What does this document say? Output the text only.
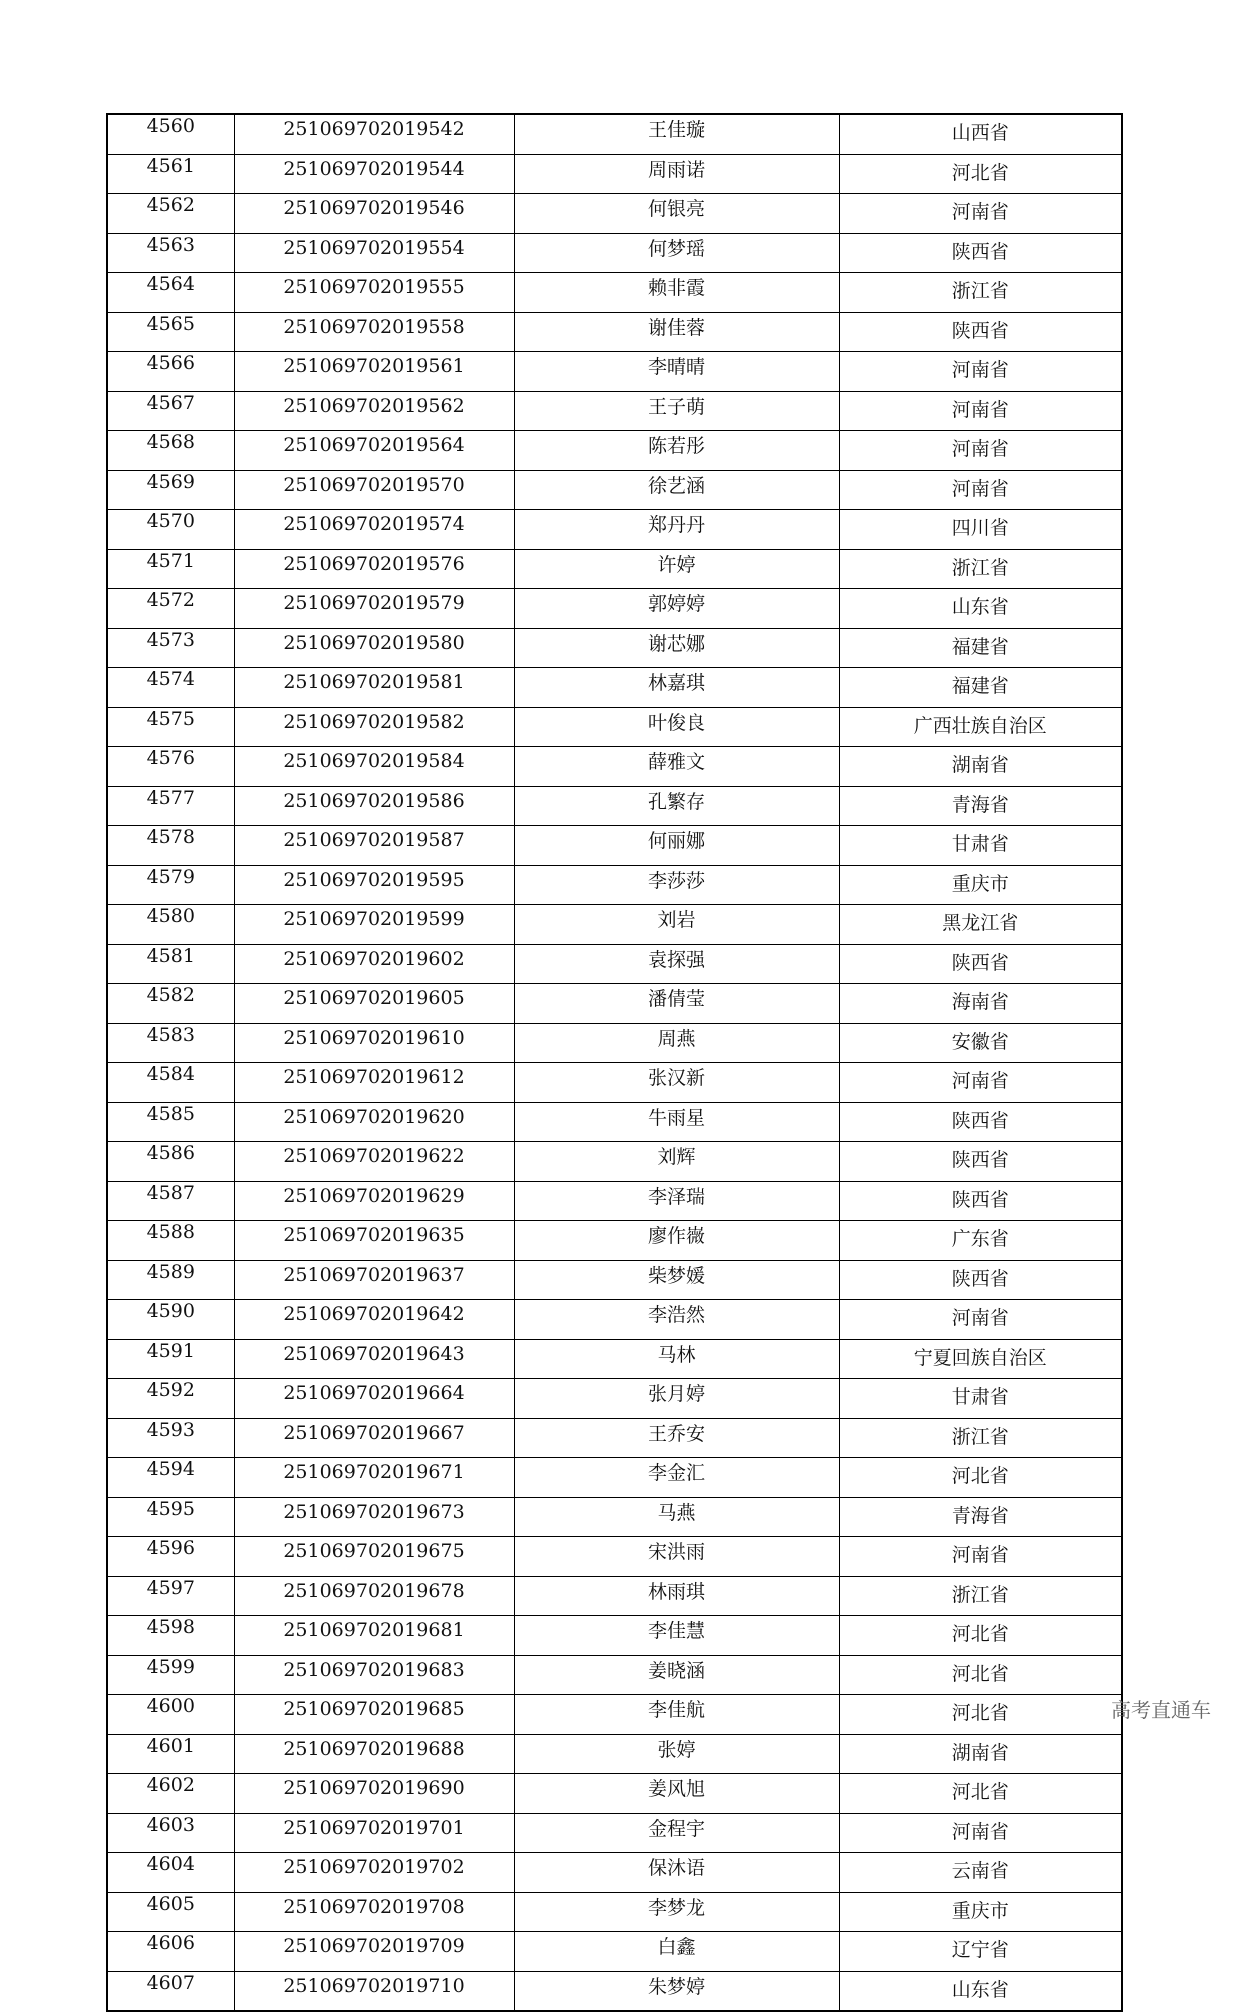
4560	251069702019542	王佳璇	山西省
4561	251069702019544	周雨诺	河北省
4562	251069702019546	何银亮	河南省
4563	251069702019554	何梦瑶	陕西省
4564	251069702019555	赖非霞	浙江省
4565	251069702019558	谢佳蓉	陕西省
4566	251069702019561	李晴晴	河南省
4567	251069702019562	王子萌	河南省
4568	251069702019564	陈若彤	河南省
4569	251069702019570	徐艺涵	河南省
4570	251069702019574	郑丹丹	四川省
4571	251069702019576	许婷	浙江省
4572	251069702019579	郭婷婷	山东省
4573	251069702019580	谢芯娜	福建省
4574	251069702019581	林嘉琪	福建省
4575	251069702019582	叶俊良	广西壮族自治区
4576	251069702019584	薛雅文	湖南省
4577	251069702019586	孔繁存	青海省
4578	251069702019587	何丽娜	甘肃省
4579	251069702019595	李莎莎	重庆市
4580	251069702019599	刘岩	黑龙江省
4581	251069702019602	袁探强	陕西省
4582	251069702019605	潘倩莹	海南省
4583	251069702019610	周燕	安徽省
4584	251069702019612	张汉新	河南省
4585	251069702019620	牛雨星	陕西省
4586	251069702019622	刘辉	陕西省
4587	251069702019629	李泽瑞	陕西省
4588	251069702019635	廖作嶶	广东省
4589	251069702019637	柴梦媛	陕西省
4590	251069702019642	李浩然	河南省
4591	251069702019643	马林	宁夏回族自治区
4592	251069702019664	张月婷	甘肃省
4593	251069702019667	王乔安	浙江省
4594	251069702019671	李金汇	河北省
4595	251069702019673	马燕	青海省
4596	251069702019675	宋洪雨	河南省
4597	251069702019678	林雨琪	浙江省
4598	251069702019681	李佳慧	河北省
4599	251069702019683	姜晓涵	河北省
4600	251069702019685	李佳航	河北省
4601	251069702019688	张婷	湖南省
4602	251069702019690	姜风旭	河北省
4603	251069702019701	金程宇	河南省
4604	251069702019702	保沐语	云南省
4605	251069702019708	李梦龙	重庆市
4606	251069702019709	白鑫	辽宁省
4607	251069702019710	朱梦婷	山东省
高考直通车
